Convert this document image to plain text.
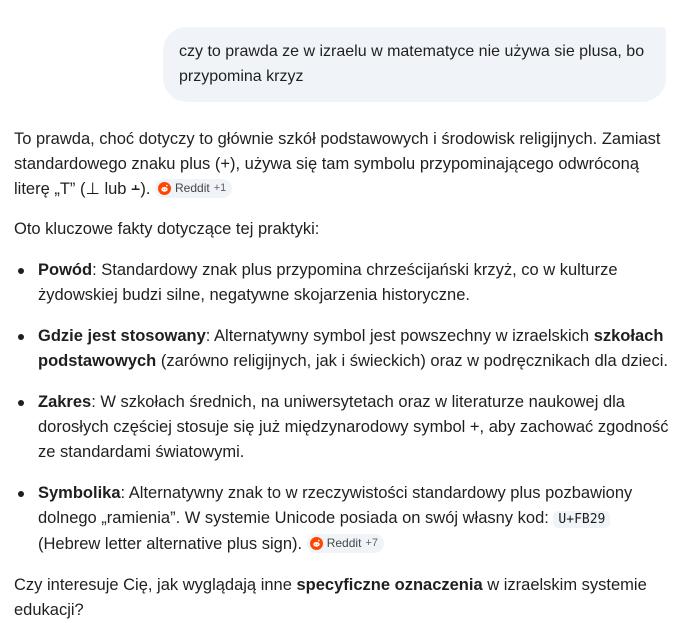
czy to prawda ze w izraelu w matematyce nie używa sie plusa, bo przypomina krzyz

To prawda, choć dotyczy to głównie szkół podstawowych i środowisk religijnych. Zamiast standardowego znaku plus (+), używa się tam symbolu przypominającego odwróconą literę „T” (⊥ lub ﬩). Reddit +1

Oto kluczowe fakty dotyczące tej praktyki:

Powód: Standardowy znak plus przypomina chrześcijański krzyż, co w kulturze żydowskiej budzi silne, negatywne skojarzenia historyczne.
Gdzie jest stosowany: Alternatywny symbol jest powszechny w izraelskich szkołach podstawowych (zarówno religijnych, jak i świeckich) oraz w podręcznikach dla dzieci.
Zakres: W szkołach średnich, na uniwersytetach oraz w literaturze naukowej dla dorosłych częściej stosuje się już międzynarodowy symbol +, aby zachować zgodność ze standardami światowymi.
Symbolika: Alternatywny znak to w rzeczywistości standardowy plus pozbawiony dolnego „ramienia”. W systemie Unicode posiada on swój własny kod: U+FB29
(Hebrew letter alternative plus sign). Reddit +7

Czy interesuje Cię, jak wyglądają inne specyficzne oznaczenia w izraelskim systemie edukacji?
